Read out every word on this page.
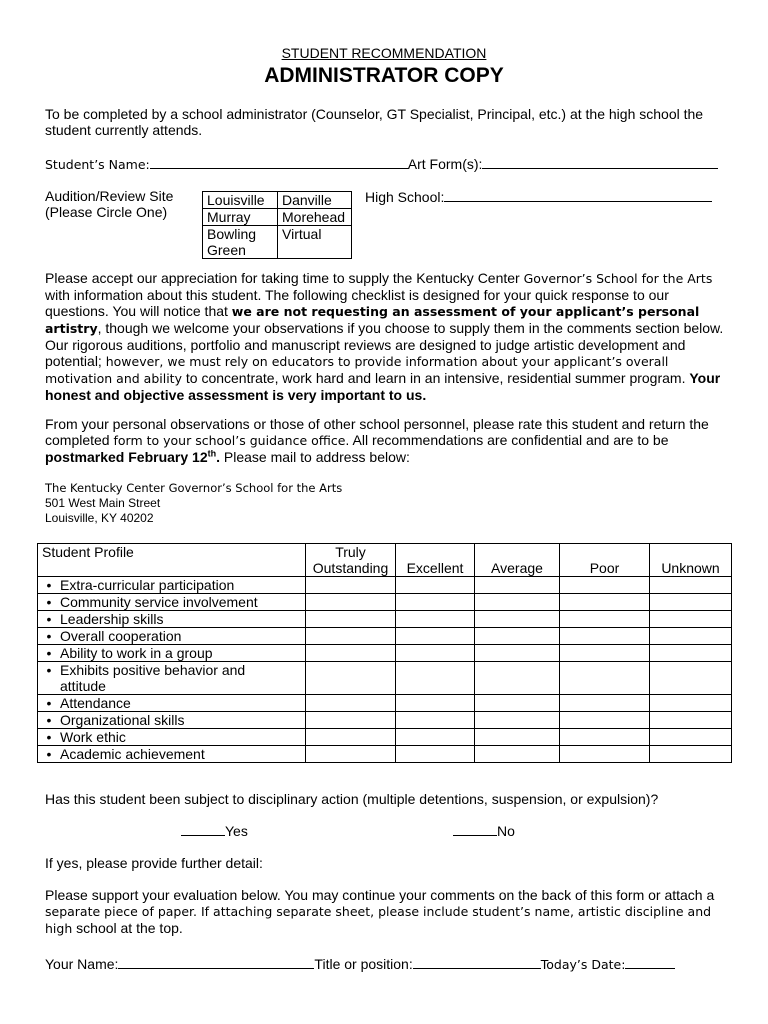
STUDENT RECOMMENDATION
ADMINISTRATOR COPY
To be completed by a school administrator (Counselor, GT Specialist, Principal, etc.) at the high school the student currently attends.
Student’s Name:	Art Form(s):
Audition/Review Site
(Please Circle One)
Louisville	Danville
Murray	Morehead
Bowling Green	Virtual
High School:
Please accept our appreciation for taking time to supply the Kentucky Center Governor’s School for the Arts with information about this student. The following checklist is designed for your quick response to our questions. You will notice that we are not requesting an assessment of your applicant’s personal artistry, though we welcome your observations if you choose to supply them in the comments section below. Our rigorous auditions, portfolio and manuscript reviews are designed to judge artistic development and potential; however, we must rely on educators to provide information about your applicant’s overall motivation and ability to concentrate, work hard and learn in an intensive, residential summer program. Your honest and objective assessment is very important to us.
From your personal observations or those of other school personnel, please rate this student and return the completed form to your school’s guidance office. All recommendations are confidential and are to be postmarked February 12th. Please mail to address below:
The Kentucky Center Governor’s School for the Arts
501 West Main Street
Louisville, KY 40202
Student Profile	Truly Outstanding	Excellent	Average	Poor	Unknown
• Extra-curricular participation					
• Community service involvement					
• Leadership skills					
• Overall cooperation					
• Ability to work in a group					
• Exhibits positive behavior and attitude					
• Attendance					
• Organizational skills					
• Work ethic					
• Academic achievement					
Has this student been subject to disciplinary action (multiple detentions, suspension, or expulsion)?
Yes	No
If yes, please provide further detail:
Please support your evaluation below. You may continue your comments on the back of this form or attach a separate piece of paper. If attaching separate sheet, please include student’s name, artistic discipline and high school at the top.
Your Name:	Title or position:	Today’s Date:
